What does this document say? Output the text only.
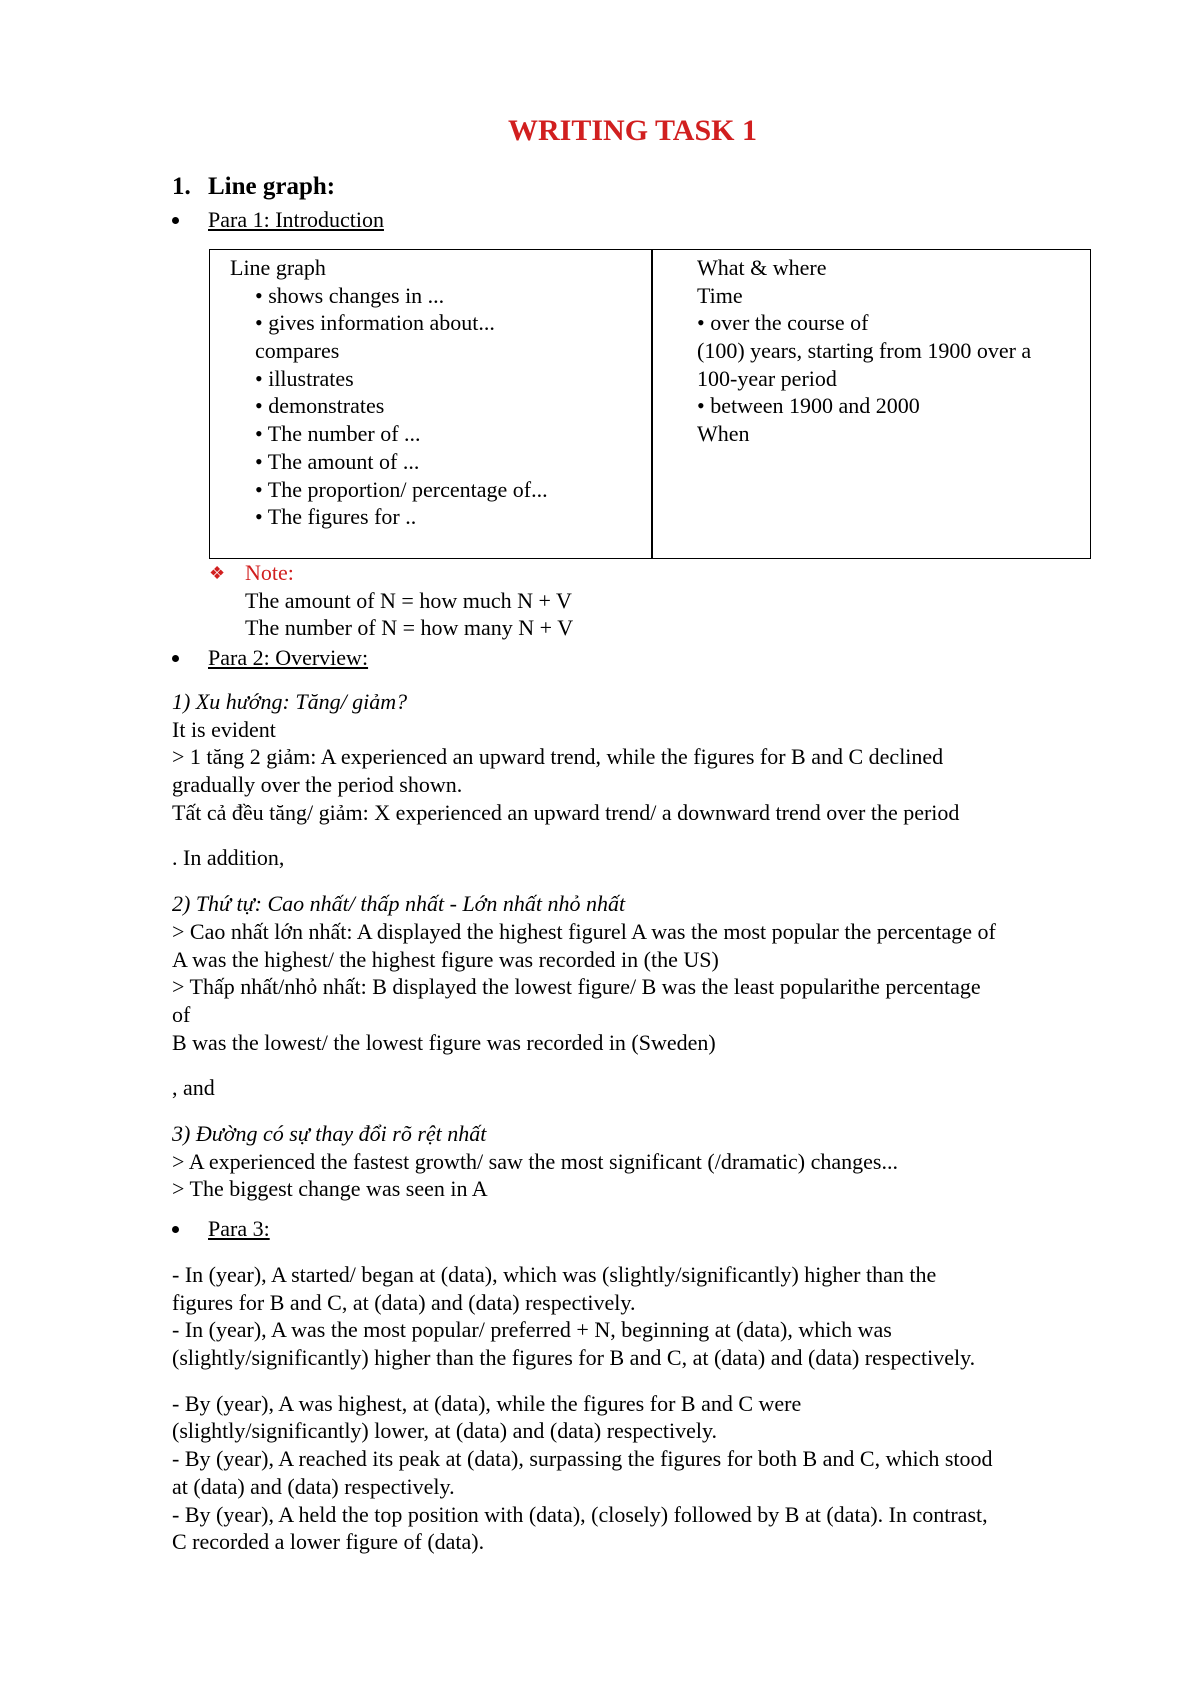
WRITING TASK 1
1. Line graph:
Para 1: Introduction
Line graph
• shows changes in ...
• gives information about...
compares
• illustrates
• demonstrates
• The number of ...
• The amount of ...
• The proportion/ percentage of...
• The figures for ..
What & where
Time
• over the course of
(100) years, starting from 1900 over a
100-year period
• between 1900 and 2000
When
❖ Note:
The amount of N = how much N + V
The number of N = how many N + V
Para 2: Overview:
1) Xu hướng: Tăng/ giảm?
It is evident
> 1 tăng 2 giảm: A experienced an upward trend, while the figures for B and C declined
gradually over the period shown.
Tất cả đều tăng/ giảm: X experienced an upward trend/ a downward trend over the period
. In addition,
2) Thứ tự: Cao nhất/ thấp nhất - Lớn nhất nhỏ nhất
> Cao nhất lớn nhất: A displayed the highest figurel A was the most popular the percentage of
A was the highest/ the highest figure was recorded in (the US)
> Thấp nhất/nhỏ nhất: B displayed the lowest figure/ B was the least popularithe percentage
of
B was the lowest/ the lowest figure was recorded in (Sweden)
, and
3) Đường có sự thay đổi rõ rệt nhất
> A experienced the fastest growth/ saw the most significant (/dramatic) changes...
> The biggest change was seen in A
Para 3:
- In (year), A started/ began at (data), which was (slightly/significantly) higher than the
figures for B and C, at (data) and (data) respectively.
- In (year), A was the most popular/ preferred + N, beginning at (data), which was
(slightly/significantly) higher than the figures for B and C, at (data) and (data) respectively.
- By (year), A was highest, at (data), while the figures for B and C were
(slightly/significantly) lower, at (data) and (data) respectively.
- By (year), A reached its peak at (data), surpassing the figures for both B and C, which stood
at (data) and (data) respectively.
- By (year), A held the top position with (data), (closely) followed by B at (data). In contrast,
C recorded a lower figure of (data).
